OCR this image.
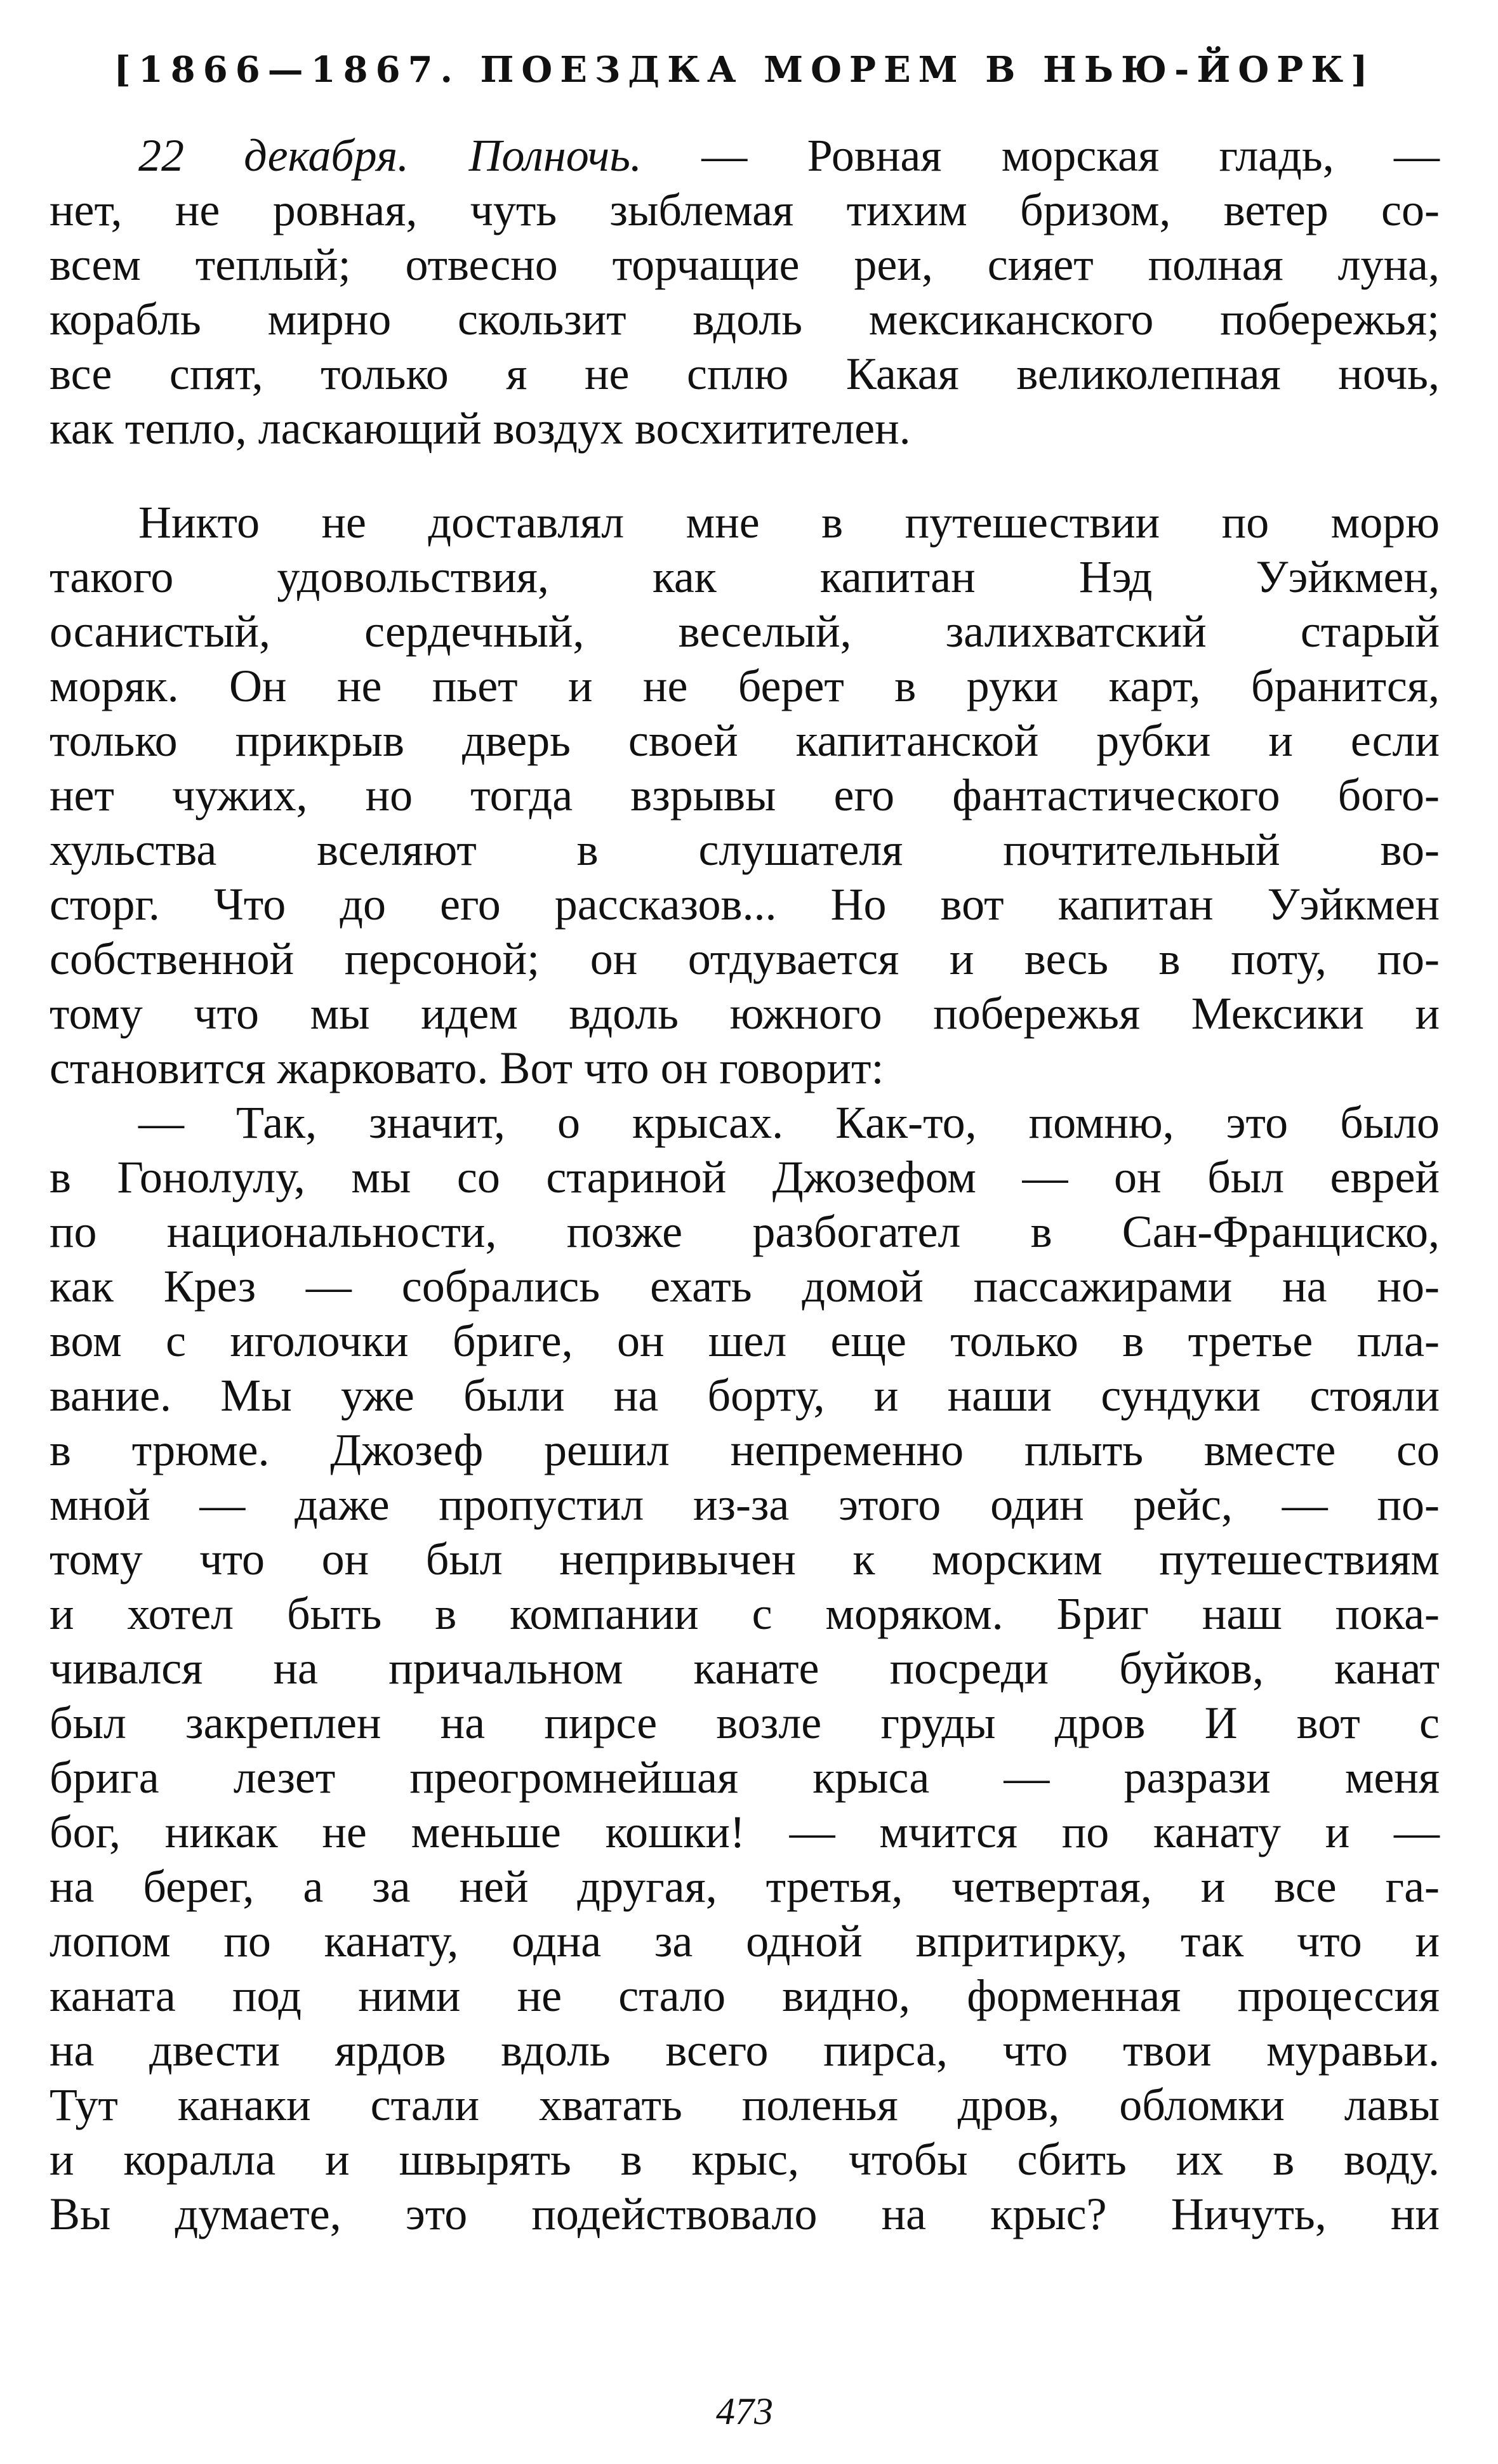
[1866—1867. ПОЕЗДКА МОРЕМ В НЬЮ-ЙОРК]
22 декабря. Полночь. — Ровная морская гладь, —
нет, не ровная, чуть зыблемая тихим бризом, ветер со-
всем теплый; отвесно торчащие реи, сияет полная луна,
корабль мирно скользит вдоль мексиканского побережья;
все спят, только я не сплю Какая великолепная ночь,
как тепло, ласкающий воздух восхитителен.
Никто не доставлял мне в путешествии по морю
такого удовольствия, как капитан Нэд Уэйкмен,
осанистый, сердечный, веселый, залихватский старый
моряк. Он не пьет и не берет в руки карт, бранится,
только прикрыв дверь своей капитанской рубки и если
нет чужих, но тогда взрывы его фантастического бого-
хульства вселяют в слушателя почтительный во-
сторг. Что до его рассказов... Но вот капитан Уэйкмен
собственной персоной; он отдувается и весь в поту, по-
тому что мы идем вдоль южного побережья Мексики и
становится жарковато. Вот что он говорит:
— Так, значит, о крысах. Как-то, помню, это было
в Гонолулу, мы со стариной Джозефом — он был еврей
по национальности, позже разбогател в Сан-Франциско,
как Крез — собрались ехать домой пассажирами на но-
вом с иголочки бриге, он шел еще только в третье пла-
вание. Мы уже были на борту, и наши сундуки стояли
в трюме. Джозеф решил непременно плыть вместе со
мной — даже пропустил из-за этого один рейс, — по-
тому что он был непривычен к морским путешествиям
и хотел быть в компании с моряком. Бриг наш пока-
чивался на причальном канате посреди буйков, канат
был закреплен на пирсе возле груды дров И вот с
брига лезет преогромнейшая крыса — разрази меня
бог, никак не меньше кошки! — мчится по канату и —
на берег, а за ней другая, третья, четвертая, и все га-
лопом по канату, одна за одной впритирку, так что и
каната под ними не стало видно, форменная процессия
на двести ярдов вдоль всего пирса, что твои муравьи.
Тут канаки стали хватать поленья дров, обломки лавы
и коралла и швырять в крыс, чтобы сбить их в воду.
Вы думаете, это подействовало на крыс? Ничуть, ни
473
